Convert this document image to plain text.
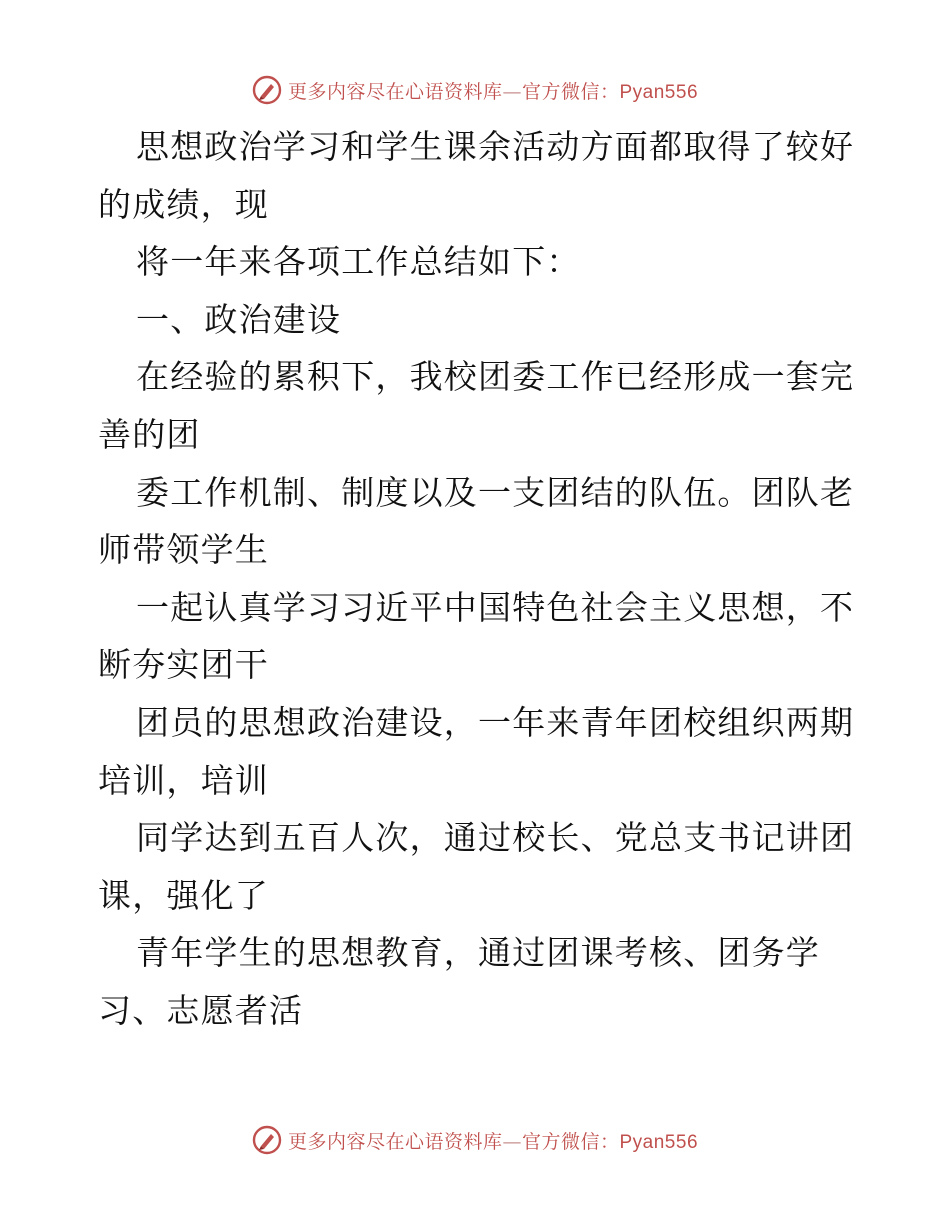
更多内容尽在心语资料库—官方微信：Pyan556

思想政治学习和学生课余活动方面都取得了较好的成绩，现

将一年来各项工作总结如下：

一、政治建设

在经验的累积下，我校团委工作已经形成一套完善的团

委工作机制、制度以及一支团结的队伍。团队老师带领学生

一起认真学习习近平中国特色社会主义思想，不断夯实团干

团员的思想政治建设，一年来青年团校组织两期培训，培训

同学达到五百人次，通过校长、党总支书记讲团课，强化了

青年学生的思想教育，通过团课考核、团务学习、志愿者活

更多内容尽在心语资料库—官方微信：Pyan556
